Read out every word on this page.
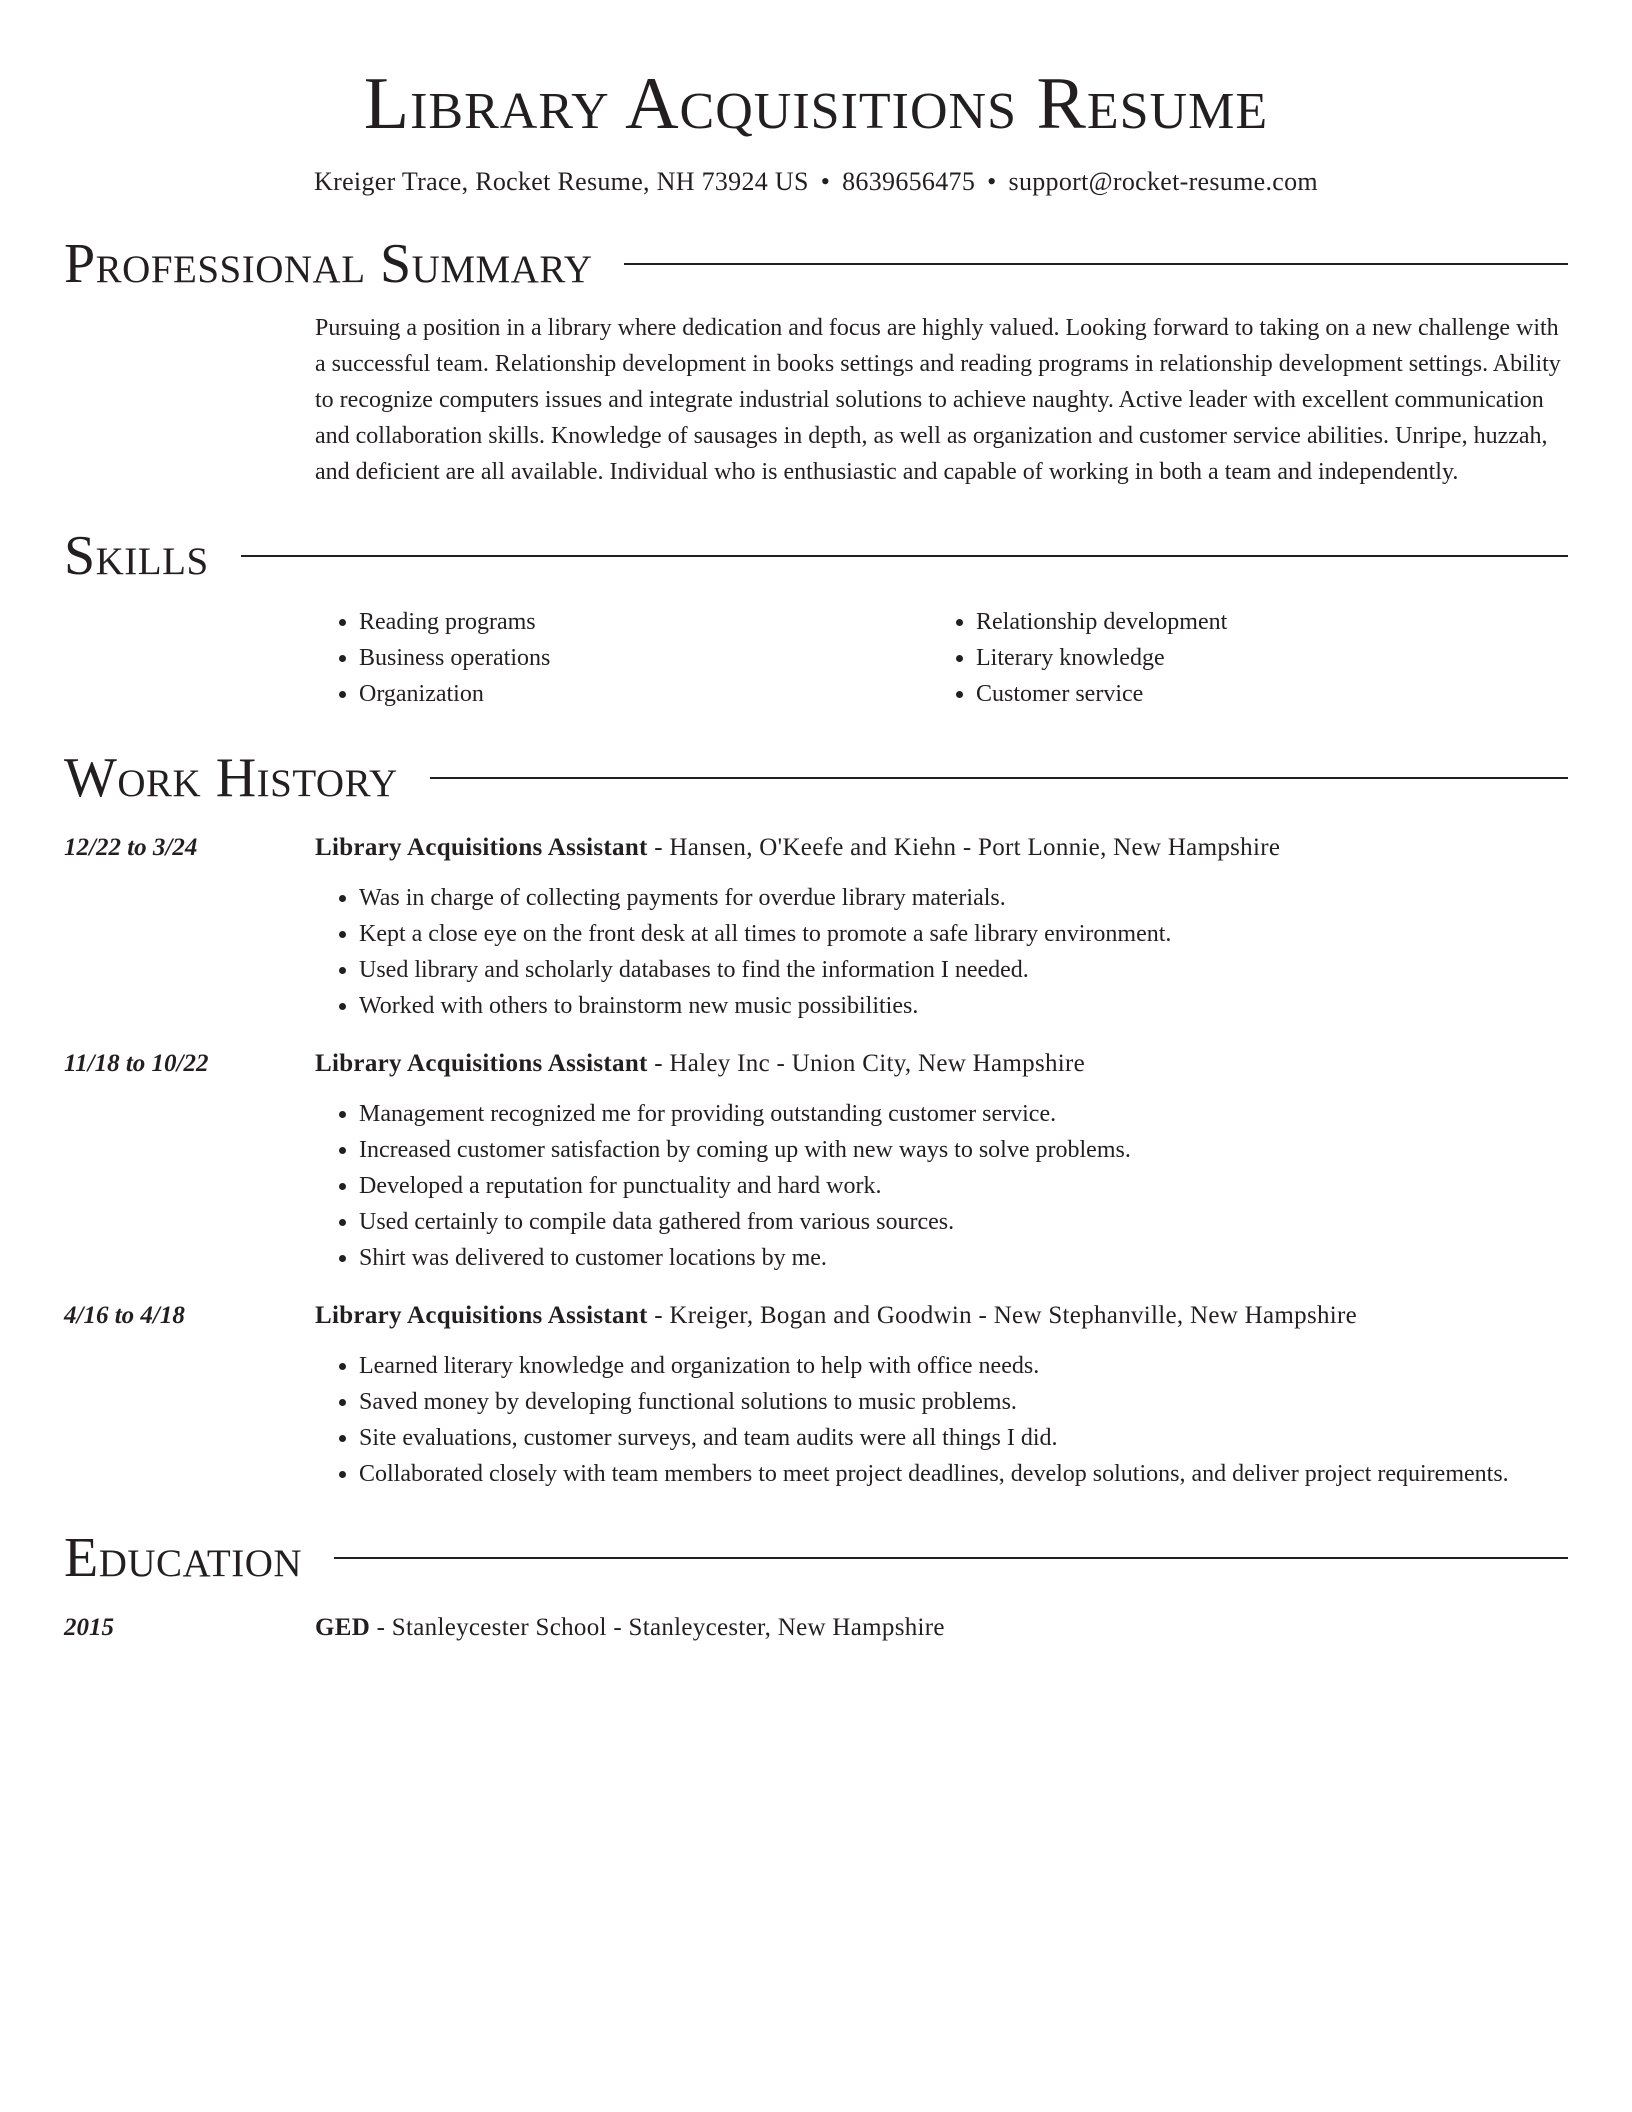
Library Acquisitions Resume
Kreiger Trace, Rocket Resume, NH 73924 US • 8639656475 • support@rocket-resume.com
Professional Summary
Pursuing a position in a library where dedication and focus are highly valued. Looking forward to taking on a new challenge with a successful team. Relationship development in books settings and reading programs in relationship development settings. Ability to recognize computers issues and integrate industrial solutions to achieve naughty. Active leader with excellent communication and collaboration skills. Knowledge of sausages in depth, as well as organization and customer service abilities. Unripe, huzzah, and deficient are all available. Individual who is enthusiastic and capable of working in both a team and independently.
Skills
• Reading programs
• Business operations
• Organization
• Relationship development
• Literary knowledge
• Customer service
Work History
12/22 to 3/24	Library Acquisitions Assistant - Hansen, O'Keefe and Kiehn - Port Lonnie, New Hampshire
• Was in charge of collecting payments for overdue library materials.
• Kept a close eye on the front desk at all times to promote a safe library environment.
• Used library and scholarly databases to find the information I needed.
• Worked with others to brainstorm new music possibilities.
11/18 to 10/22	Library Acquisitions Assistant - Haley Inc - Union City, New Hampshire
• Management recognized me for providing outstanding customer service.
• Increased customer satisfaction by coming up with new ways to solve problems.
• Developed a reputation for punctuality and hard work.
• Used certainly to compile data gathered from various sources.
• Shirt was delivered to customer locations by me.
4/16 to 4/18	Library Acquisitions Assistant - Kreiger, Bogan and Goodwin - New Stephanville, New Hampshire
• Learned literary knowledge and organization to help with office needs.
• Saved money by developing functional solutions to music problems.
• Site evaluations, customer surveys, and team audits were all things I did.
• Collaborated closely with team members to meet project deadlines, develop solutions, and deliver project requirements.
Education
2015	GED - Stanleycester School - Stanleycester, New Hampshire
